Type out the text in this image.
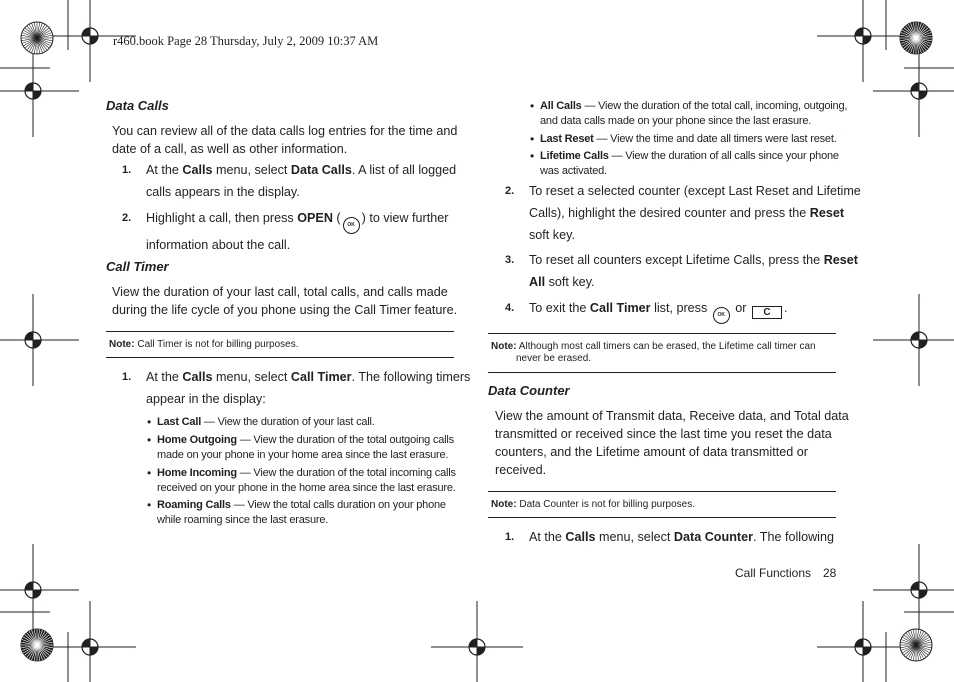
r460.book Page 28 Thursday, July 2, 2009 10:37 AM
Data Calls
You can review all of the data calls log entries for the time and
date of a call, as well as other information.
1. At the Calls menu, select Data Calls. A list of all logged
calls appears in the display.
2. Highlight a call, then press OPEN ( OK ) to view further
information about the call.
Call Timer
View the duration of your last call, total calls, and calls made
during the life cycle of you phone using the Call Timer feature.
Note: Call Timer is not for billing purposes.
1. At the Calls menu, select Call Timer. The following timers
appear in the display:
• Last Call — View the duration of your last call.
• Home Outgoing — View the duration of the total outgoing calls
made on your phone in your home area since the last erasure.
• Home Incoming — View the duration of the total incoming calls
received on your phone in the home area since the last erasure.
• Roaming Calls — View the total calls duration on your phone
while roaming since the last erasure.
• All Calls — View the duration of the total call, incoming, outgoing,
and data calls made on your phone since the last erasure.
• Last Reset — View the time and date all timers were last reset.
• Lifetime Calls — View the duration of all calls since your phone
was activated.
2. To reset a selected counter (except Last Reset and Lifetime
Calls), highlight the desired counter and press the Reset
soft key.
3. To reset all counters except Lifetime Calls, press the Reset
All soft key.
4. To exit the Call Timer list, press OK or C .
Note: Although most call timers can be erased, the Lifetime call timer can
never be erased.
Data Counter
View the amount of Transmit data, Receive data, and Total data
transmitted or received since the last time you reset the data
counters, and the Lifetime amount of data transmitted or
received.
Note: Data Counter is not for billing purposes.
1. At the Calls menu, select Data Counter. The following
Call Functions 28
